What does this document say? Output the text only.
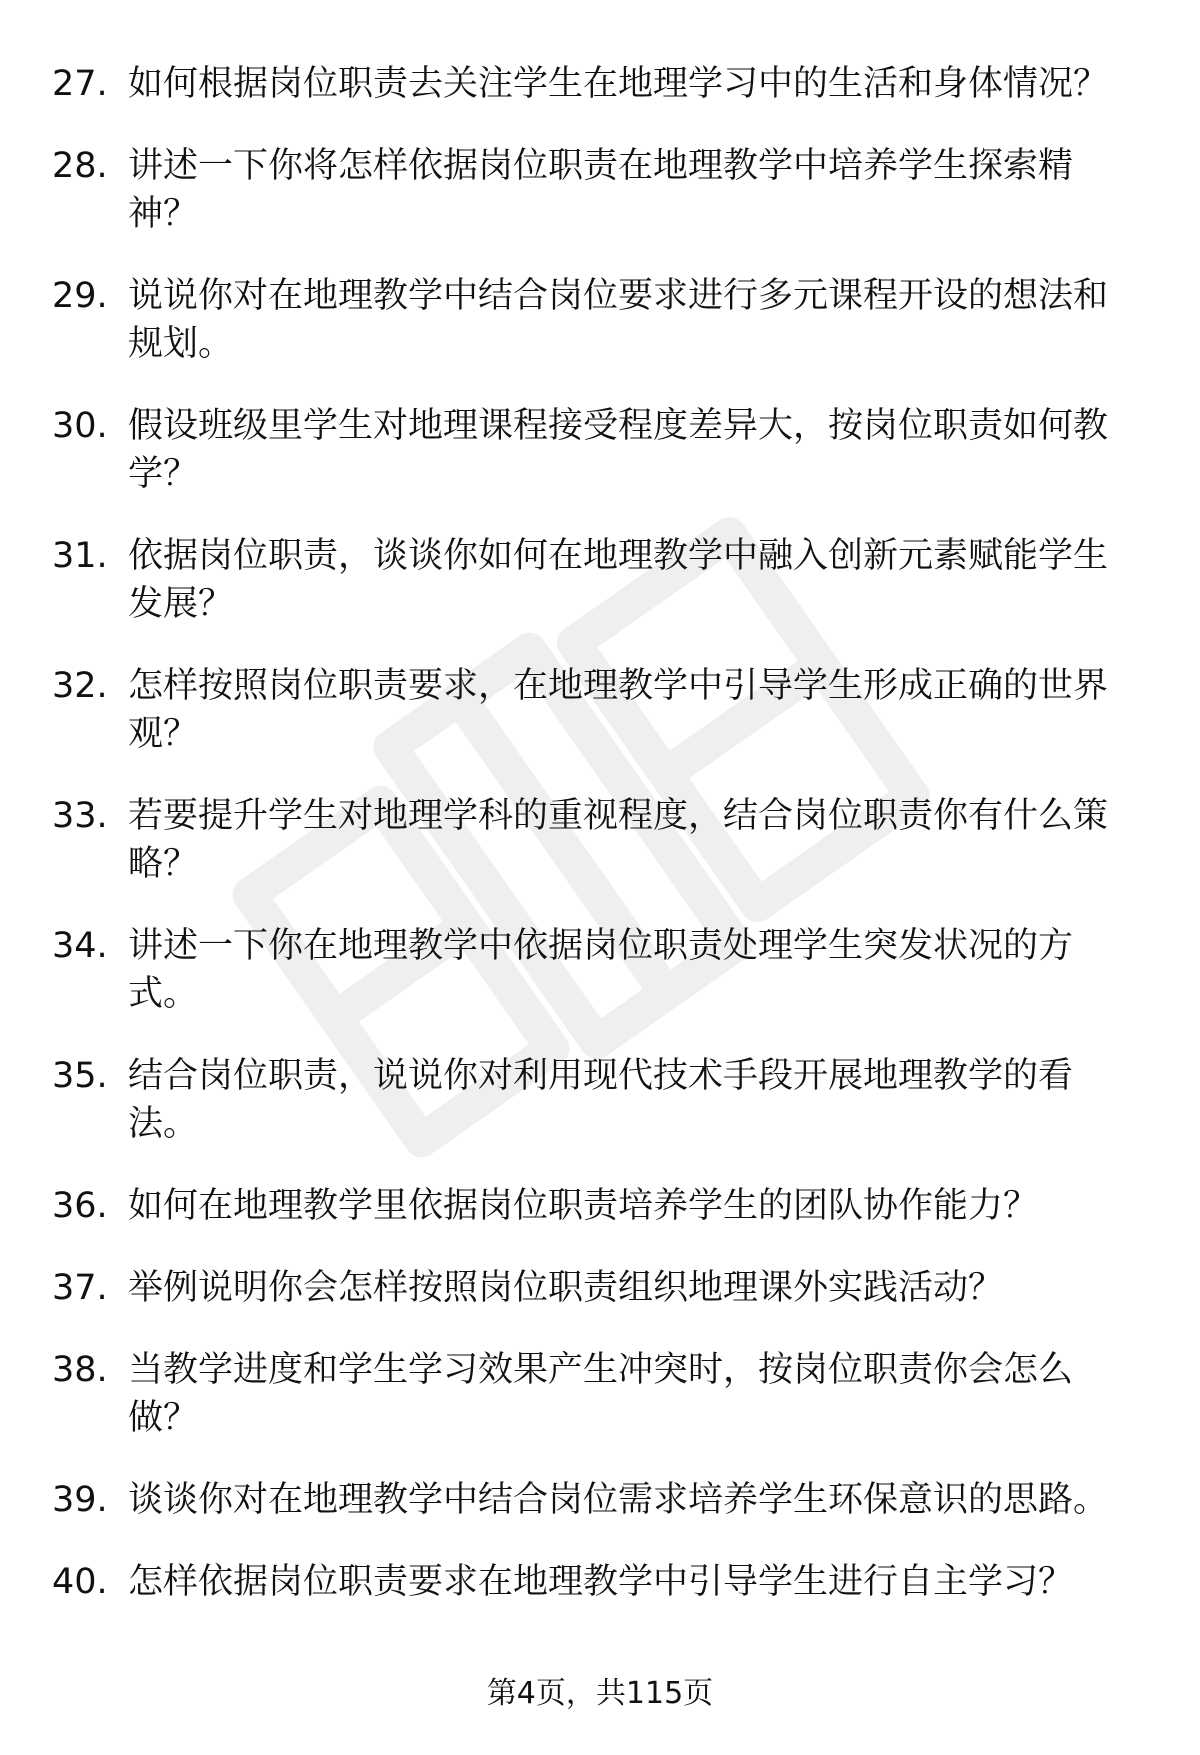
27. 如何根据岗位职责去关注学生在地理学习中的生活和身体情况？
28. 讲述一下你将怎样依据岗位职责在地理教学中培养学生探索精神？
29. 说说你对在地理教学中结合岗位要求进行多元课程开设的想法和规划。
30. 假设班级里学生对地理课程接受程度差异大，按岗位职责如何教学？
31. 依据岗位职责，谈谈你如何在地理教学中融入创新元素赋能学生发展？
32. 怎样按照岗位职责要求，在地理教学中引导学生形成正确的世界观？
33. 若要提升学生对地理学科的重视程度，结合岗位职责你有什么策略？
34. 讲述一下你在地理教学中依据岗位职责处理学生突发状况的方式。
35. 结合岗位职责，说说你对利用现代技术手段开展地理教学的看法。
36. 如何在地理教学里依据岗位职责培养学生的团队协作能力？
37. 举例说明你会怎样按照岗位职责组织地理课外实践活动？
38. 当教学进度和学生学习效果产生冲突时，按岗位职责你会怎么做？
39. 谈谈你对在地理教学中结合岗位需求培养学生环保意识的思路。
40. 怎样依据岗位职责要求在地理教学中引导学生进行自主学习？
第4页，共115页
